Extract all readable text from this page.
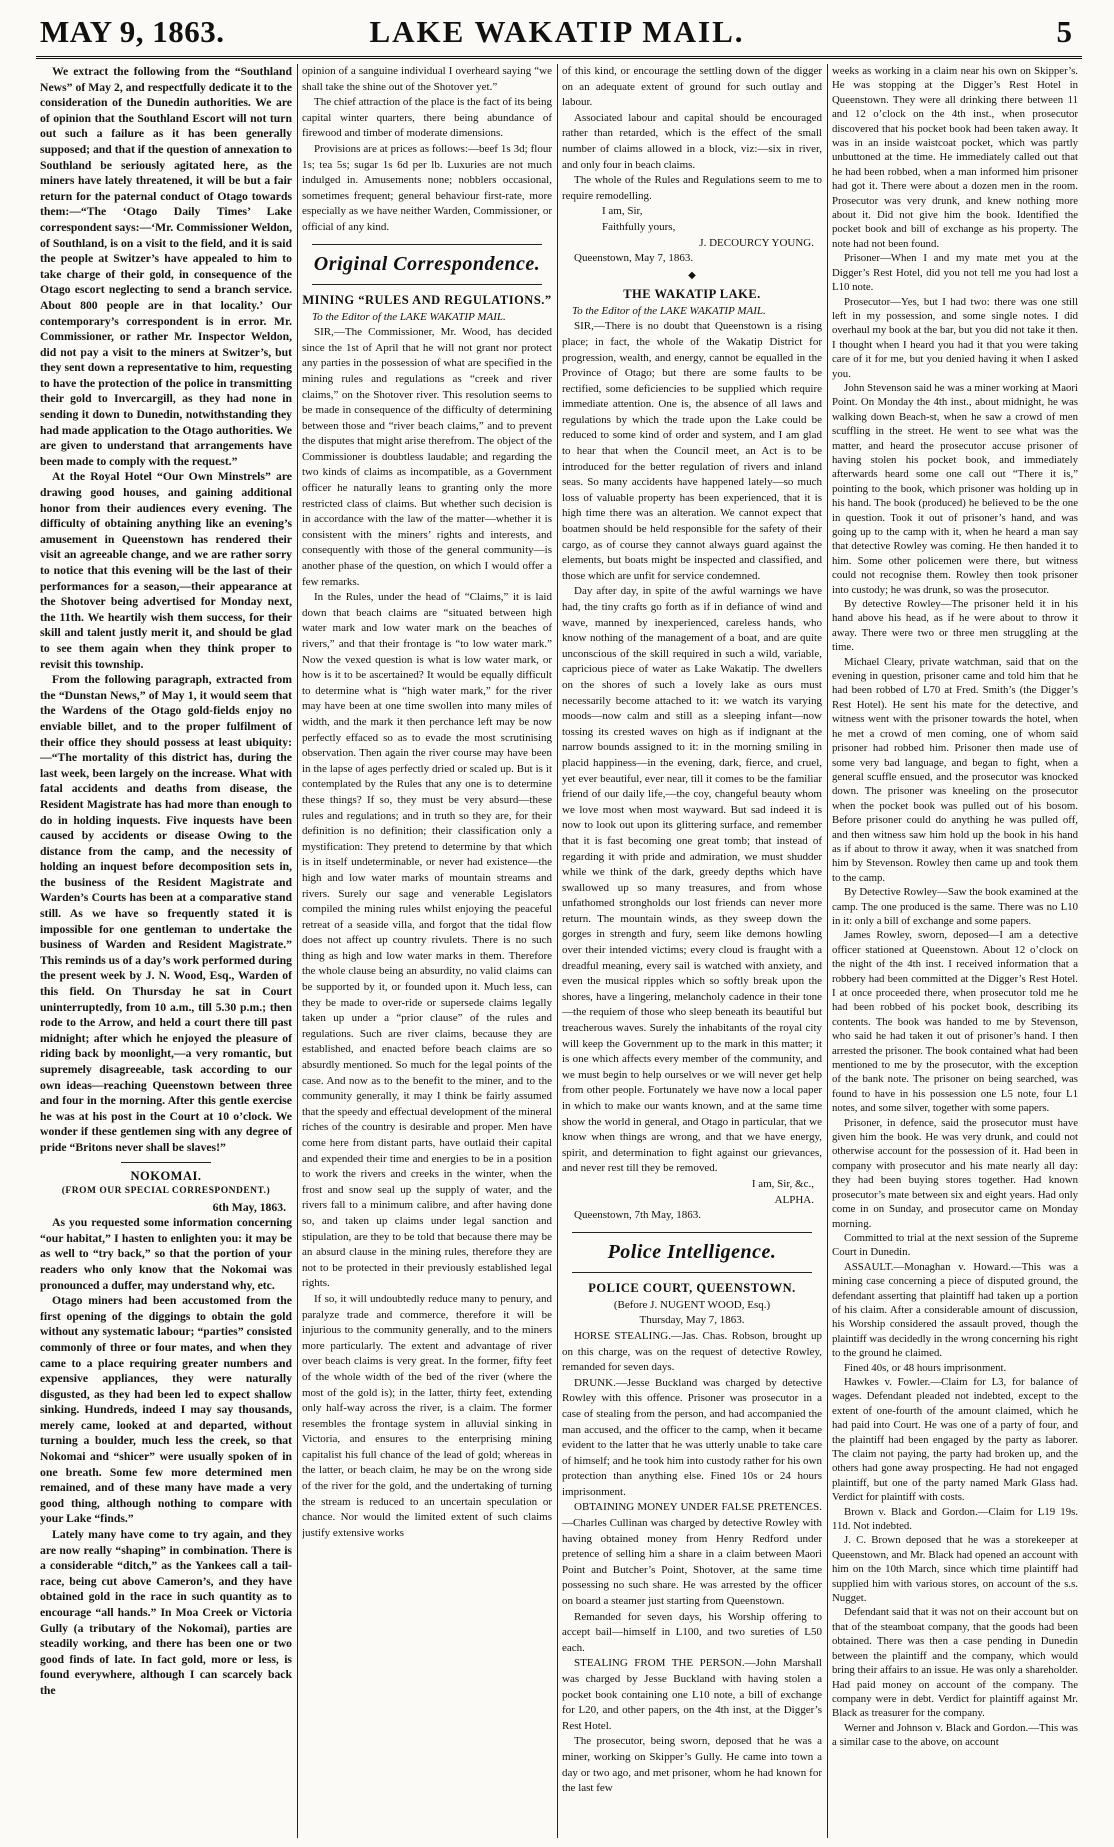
MAY 9, 1863.	LAKE WAKATIP MAIL.	5

We extract the following from the “Southland News” of May 2, and respectfully dedicate it to the consideration of the Dunedin authorities. We are of opinion that the Southland Escort will not turn out such a failure as it has been generally supposed; and that if the question of annexation to Southland be seriously agitated here, as the miners have lately threatened, it will be but a fair return for the paternal conduct of Otago towards them:—“The ‘Otago Daily Times’ Lake correspondent says:—‘Mr. Commissioner Weldon, of Southland, is on a visit to the field, and it is said the people at Switzer’s have appealed to him to take charge of their gold, in consequence of the Otago escort neglecting to send a branch service. About 800 people are in that locality.’ Our contemporary’s correspondent is in error. Mr. Commissioner, or rather Mr. Inspector Weldon, did not pay a visit to the miners at Switzer’s, but they sent down a representative to him, requesting to have the protection of the police in transmitting their gold to Invercargill, as they had none in sending it down to Dunedin, notwithstanding they had made application to the Otago authorities. We are given to understand that arrangements have been made to comply with the request.”

At the Royal Hotel “Our Own Minstrels” are drawing good houses, and gaining additional honor from their audiences every evening. The difficulty of obtaining anything like an evening’s amusement in Queenstown has rendered their visit an agreeable change, and we are rather sorry to notice that this evening will be the last of their performances for a season,—their appearance at the Shotover being advertised for Monday next, the 11th. We heartily wish them success, for their skill and talent justly merit it, and should be glad to see them again when they think proper to revisit this township.

From the following paragraph, extracted from the “Dunstan News,” of May 1, it would seem that the Wardens of the Otago gold-fields enjoy no enviable billet, and to the proper fulfilment of their office they should possess at least ubiquity:—“The mortality of this district has, during the last week, been largely on the increase. What with fatal accidents and deaths from disease, the Resident Magistrate has had more than enough to do in holding inquests. Five inquests have been caused by accidents or disease Owing to the distance from the camp, and the necessity of holding an inquest before decomposition sets in, the business of the Resident Magistrate and Warden’s Courts has been at a comparative stand still. As we have so frequently stated it is impossible for one gentleman to undertake the business of Warden and Resident Magistrate.” This reminds us of a day’s work performed during the present week by J. N. Wood, Esq., Warden of this field. On Thursday he sat in Court uninterruptedly, from 10 a.m., till 5.30 p.m.; then rode to the Arrow, and held a court there till past midnight; after which he enjoyed the pleasure of riding back by moonlight,—a very romantic, but supremely disagreeable, task according to our own ideas—reaching Queenstown between three and four in the morning. After this gentle exercise he was at his post in the Court at 10 o’clock. We wonder if these gentlemen sing with any degree of pride “Britons never shall be slaves!”

NOKOMAI.
(FROM OUR SPECIAL CORRESPONDENT.)

6th May, 1863.

As you requested some information concerning “our habitat,” I hasten to enlighten you: it may be as well to “try back,” so that the portion of your readers who only know that the Nokomai was pronounced a duffer, may understand why, etc.

Otago miners had been accustomed from the first opening of the diggings to obtain the gold without any systematic labour; “parties” consisted commonly of three or four mates, and when they came to a place requiring greater numbers and expensive appliances, they were naturally disgusted, as they had been led to expect shallow sinking. Hundreds, indeed I may say thousands, merely came, looked at and departed, without turning a boulder, much less the creek, so that Nokomai and “shicer” were usually spoken of in one breath. Some few more determined men remained, and of these many have made a very good thing, although nothing to compare with your Lake “finds.”

Lately many have come to try again, and they are now really “shaping” in combination. There is a considerable “ditch,” as the Yankees call a tail-race, being cut above Cameron’s, and they have obtained gold in the race in such quantity as to encourage “all hands.” In Moa Creek or Victoria Gully (a tributary of the Nokomai), parties are steadily working, and there has been one or two good finds of late. In fact gold, more or less, is found everywhere, although I can scarcely back the

opinion of a sanguine individual I overheard saying “we shall take the shine out of the Shotover yet.”

The chief attraction of the place is the fact of its being capital winter quarters, there being abundance of firewood and timber of moderate dimensions.

Provisions are at prices as follows:—beef 1s 3d; flour 1s; tea 5s; sugar 1s 6d per lb. Luxuries are not much indulged in. Amusements none; nobblers occasional, sometimes frequent; general behaviour first-rate, more especially as we have neither Warden, Commissioner, or official of any kind.

Original Correspondence.
MINING “RULES AND REGULATIONS.”

To the Editor of the LAKE WAKATIP MAIL.

SIR,—The Commissioner, Mr. Wood, has decided since the 1st of April that he will not grant nor protect any parties in the possession of what are specified in the mining rules and regulations as “creek and river claims,” on the Shotover river. This resolution seems to be made in consequence of the difficulty of determining between those and “river beach claims,” and to prevent the disputes that might arise therefrom. The object of the Commissioner is doubtless laudable; and regarding the two kinds of claims as incompatible, as a Government officer he naturally leans to granting only the more restricted class of claims. But whether such decision is in accordance with the law of the matter—whether it is consistent with the miners’ rights and interests, and consequently with those of the general community—is another phase of the question, on which I would offer a few remarks.

In the Rules, under the head of “Claims,” it is laid down that beach claims are “situated between high water mark and low water mark on the beaches of rivers,” and that their frontage is “to low water mark.” Now the vexed question is what is low water mark, or how is it to be ascertained? It would be equally difficult to determine what is “high water mark,” for the river may have been at one time swollen into many miles of width, and the mark it then perchance left may be now perfectly effaced so as to evade the most scrutinising observation. Then again the river course may have been in the lapse of ages perfectly dried or scaled up. But is it contemplated by the Rules that any one is to determine these things? If so, they must be very absurd—these rules and regulations; and in truth so they are, for their definition is no definition; their classification only a mystification: They pretend to determine by that which is in itself undeterminable, or never had existence—the high and low water marks of mountain streams and rivers. Surely our sage and venerable Legislators compiled the mining rules whilst enjoying the peaceful retreat of a seaside villa, and forgot that the tidal flow does not affect up country rivulets. There is no such thing as high and low water marks in them. Therefore the whole clause being an absurdity, no valid claims can be supported by it, or founded upon it. Much less, can they be made to over-ride or supersede claims legally taken up under a “prior clause” of the rules and regulations. Such are river claims, because they are established, and enacted before beach claims are so absurdly mentioned. So much for the legal points of the case. And now as to the benefit to the miner, and to the community generally, it may I think be fairly assumed that the speedy and effectual development of the mineral riches of the country is desirable and proper. Men have come here from distant parts, have outlaid their capital and expended their time and energies to be in a position to work the rivers and creeks in the winter, when the frost and snow seal up the supply of water, and the rivers fall to a minimum calibre, and after having done so, and taken up claims under legal sanction and stipulation, are they to be told that because there may be an absurd clause in the mining rules, therefore they are not to be protected in their previously established legal rights.

If so, it will undoubtedly reduce many to penury, and paralyze trade and commerce, therefore it will be injurious to the community generally, and to the miners more particularly. The extent and advantage of river over beach claims is very great. In the former, fifty feet of the whole width of the bed of the river (where the most of the gold is); in the latter, thirty feet, extending only half-way across the river, is a claim. The former resembles the frontage system in alluvial sinking in Victoria, and ensures to the enterprising mining capitalist his full chance of the lead of gold; whereas in the latter, or beach claim, he may be on the wrong side of the river for the gold, and the undertaking of turning the stream is reduced to an uncertain speculation or chance. Nor would the limited extent of such claims justify extensive works

of this kind, or encourage the settling down of the digger on an adequate extent of ground for such outlay and labour.

Associated labour and capital should be encouraged rather than retarded, which is the effect of the small number of claims allowed in a block, viz:—six in river, and only four in beach claims.

The whole of the Rules and Regulations seem to me to require remodelling.

I am, Sir,

Faithfully yours,

J. DECOURCY YOUNG.

Queenstown, May 7, 1863.

◆
THE WAKATIP LAKE.

To the Editor of the LAKE WAKATIP MAIL.

SIR,—There is no doubt that Queenstown is a rising place; in fact, the whole of the Wakatip District for progression, wealth, and energy, cannot be equalled in the Province of Otago; but there are some faults to be rectified, some deficiencies to be supplied which require immediate attention. One is, the absence of all laws and regulations by which the trade upon the Lake could be reduced to some kind of order and system, and I am glad to hear that when the Council meet, an Act is to be introduced for the better regulation of rivers and inland seas. So many accidents have happened lately—so much loss of valuable property has been experienced, that it is high time there was an alteration. We cannot expect that boatmen should be held responsible for the safety of their cargo, as of course they cannot always guard against the elements, but boats might be inspected and classified, and those which are unfit for service condemned.

Day after day, in spite of the awful warnings we have had, the tiny crafts go forth as if in defiance of wind and wave, manned by inexperienced, careless hands, who know nothing of the management of a boat, and are quite unconscious of the skill required in such a wild, variable, capricious piece of water as Lake Wakatip. The dwellers on the shores of such a lovely lake as ours must necessarily become attached to it: we watch its varying moods—now calm and still as a sleeping infant—now tossing its crested waves on high as if indignant at the narrow bounds assigned to it: in the morning smiling in placid happiness—in the evening, dark, fierce, and cruel, yet ever beautiful, ever near, till it comes to be the familiar friend of our daily life,—the coy, changeful beauty whom we love most when most wayward. But sad indeed it is now to look out upon its glittering surface, and remember that it is fast becoming one great tomb; that instead of regarding it with pride and admiration, we must shudder while we think of the dark, greedy depths which have swallowed up so many treasures, and from whose unfathomed strongholds our lost friends can never more return. The mountain winds, as they sweep down the gorges in strength and fury, seem like demons howling over their intended victims; every cloud is fraught with a dreadful meaning, every sail is watched with anxiety, and even the musical ripples which so softly break upon the shores, have a lingering, melancholy cadence in their tone—the requiem of those who sleep beneath its beautiful but treacherous waves. Surely the inhabitants of the royal city will keep the Government up to the mark in this matter; it is one which affects every member of the community, and we must begin to help ourselves or we will never get help from other people. Fortunately we have now a local paper in which to make our wants known, and at the same time show the world in general, and Otago in particular, that we know when things are wrong, and that we have energy, spirit, and determination to fight against our grievances, and never rest till they be removed.

I am, Sir, &c.,

ALPHA.

Queenstown, 7th May, 1863.

Police Intelligence.
POLICE COURT, QUEENSTOWN.

(Before J. NUGENT WOOD, Esq.)

Thursday, May 7, 1863.

HORSE STEALING.—Jas. Chas. Robson, brought up on this charge, was on the request of detective Rowley, remanded for seven days.

DRUNK.—Jesse Buckland was charged by detective Rowley with this offence. Prisoner was prosecutor in a case of stealing from the person, and had accompanied the man accused, and the officer to the camp, when it became evident to the latter that he was utterly unable to take care of himself; and he took him into custody rather for his own protection than anything else. Fined 10s or 24 hours imprisonment.

OBTAINING MONEY UNDER FALSE PRETENCES.—Charles Cullinan was charged by detective Rowley with having obtained money from Henry Redford under pretence of selling him a share in a claim between Maori Point and Butcher’s Point, Shotover, at the same time possessing no such share. He was arrested by the officer on board a steamer just starting from Queenstown.

Remanded for seven days, his Worship offering to accept bail—himself in L100, and two sureties of L50 each.

STEALING FROM THE PERSON.—John Marshall was charged by Jesse Buckland with having stolen a pocket book containing one L10 note, a bill of exchange for L20, and other papers, on the 4th inst, at the Digger’s Rest Hotel.

The prosecutor, being sworn, deposed that he was a miner, working on Skipper’s Gully. He came into town a day or two ago, and met prisoner, whom he had known for the last few

weeks as working in a claim near his own on Skipper’s. He was stopping at the Digger’s Rest Hotel in Queenstown. They were all drinking there between 11 and 12 o’clock on the 4th inst., when prosecutor discovered that his pocket book had been taken away. It was in an inside waistcoat pocket, which was partly unbuttoned at the time. He immediately called out that he had been robbed, when a man informed him prisoner had got it. There were about a dozen men in the room. Prosecutor was very drunk, and knew nothing more about it. Did not give him the book. Identified the pocket book and bill of exchange as his property. The note had not been found.

Prisoner—When I and my mate met you at the Digger’s Rest Hotel, did you not tell me you had lost a L10 note.

Prosecutor—Yes, but I had two: there was one still left in my possession, and some single notes. I did overhaul my book at the bar, but you did not take it then. I thought when I heard you had it that you were taking care of it for me, but you denied having it when I asked you.

John Stevenson said he was a miner working at Maori Point. On Monday the 4th inst., about midnight, he was walking down Beach-st, when he saw a crowd of men scuffling in the street. He went to see what was the matter, and heard the prosecutor accuse prisoner of having stolen his pocket book, and immediately afterwards heard some one call out “There it is,” pointing to the book, which prisoner was holding up in his hand. The book (produced) he believed to be the one in question. Took it out of prisoner’s hand, and was going up to the camp with it, when he heard a man say that detective Rowley was coming. He then handed it to him. Some other policemen were there, but witness could not recognise them. Rowley then took prisoner into custody; he was drunk, so was the prosecutor.

By detective Rowley—The prisoner held it in his hand above his head, as if he were about to throw it away. There were two or three men struggling at the time.

Michael Cleary, private watchman, said that on the evening in question, prisoner came and told him that he had been robbed of L70 at Fred. Smith’s (the Digger’s Rest Hotel). He sent his mate for the detective, and witness went with the prisoner towards the hotel, when he met a crowd of men coming, one of whom said prisoner had robbed him. Prisoner then made use of some very bad language, and began to fight, when a general scuffle ensued, and the prosecutor was knocked down. The prisoner was kneeling on the prosecutor when the pocket book was pulled out of his bosom. Before prisoner could do anything he was pulled off, and then witness saw him hold up the book in his hand as if about to throw it away, when it was snatched from him by Stevenson. Rowley then came up and took them to the camp.

By Detective Rowley—Saw the book examined at the camp. The one produced is the same. There was no L10 in it: only a bill of exchange and some papers.

James Rowley, sworn, deposed—I am a detective officer stationed at Queenstown. About 12 o’clock on the night of the 4th inst. I received information that a robbery had been committed at the Digger’s Rest Hotel. I at once proceeded there, when prosecutor told me he had been robbed of his pocket book, describing its contents. The book was handed to me by Stevenson, who said he had taken it out of prisoner’s hand. I then arrested the prisoner. The book contained what had been mentioned to me by the prosecutor, with the exception of the bank note. The prisoner on being searched, was found to have in his possession one L5 note, four L1 notes, and some silver, together with some papers.

Prisoner, in defence, said the prosecutor must have given him the book. He was very drunk, and could not otherwise account for the possession of it. Had been in company with prosecutor and his mate nearly all day: they had been buying stores together. Had known prosecutor’s mate between six and eight years. Had only come in on Sunday, and prosecutor came on Monday morning.

Committed to trial at the next session of the Supreme Court in Dunedin.

ASSAULT.—Monaghan v. Howard.—This was a mining case concerning a piece of disputed ground, the defendant asserting that plaintiff had taken up a portion of his claim. After a considerable amount of discussion, his Worship considered the assault proved, though the plaintiff was decidedly in the wrong concerning his right to the ground he claimed.

Fined 40s, or 48 hours imprisonment.

Hawkes v. Fowler.—Claim for L3, for balance of wages. Defendant pleaded not indebted, except to the extent of one-fourth of the amount claimed, which he had paid into Court. He was one of a party of four, and the plaintiff had been engaged by the party as laborer. The claim not paying, the party had broken up, and the others had gone away prospecting. He had not engaged plaintiff, but one of the party named Mark Glass had. Verdict for plaintiff with costs.

Brown v. Black and Gordon.—Claim for L19 19s. 11d. Not indebted.

J. C. Brown deposed that he was a storekeeper at Queenstown, and Mr. Black had opened an account with him on the 10th March, since which time plaintiff had supplied him with various stores, on account of the s.s. Nugget.

Defendant said that it was not on their account but on that of the steamboat company, that the goods had been obtained. There was then a case pending in Dunedin between the plaintiff and the company, which would bring their affairs to an issue. He was only a shareholder. Had paid money on account of the company. The company were in debt. Verdict for plaintiff against Mr. Black as treasurer for the company.

Werner and Johnson v. Black and Gordon.—This was a similar case to the above, on account
